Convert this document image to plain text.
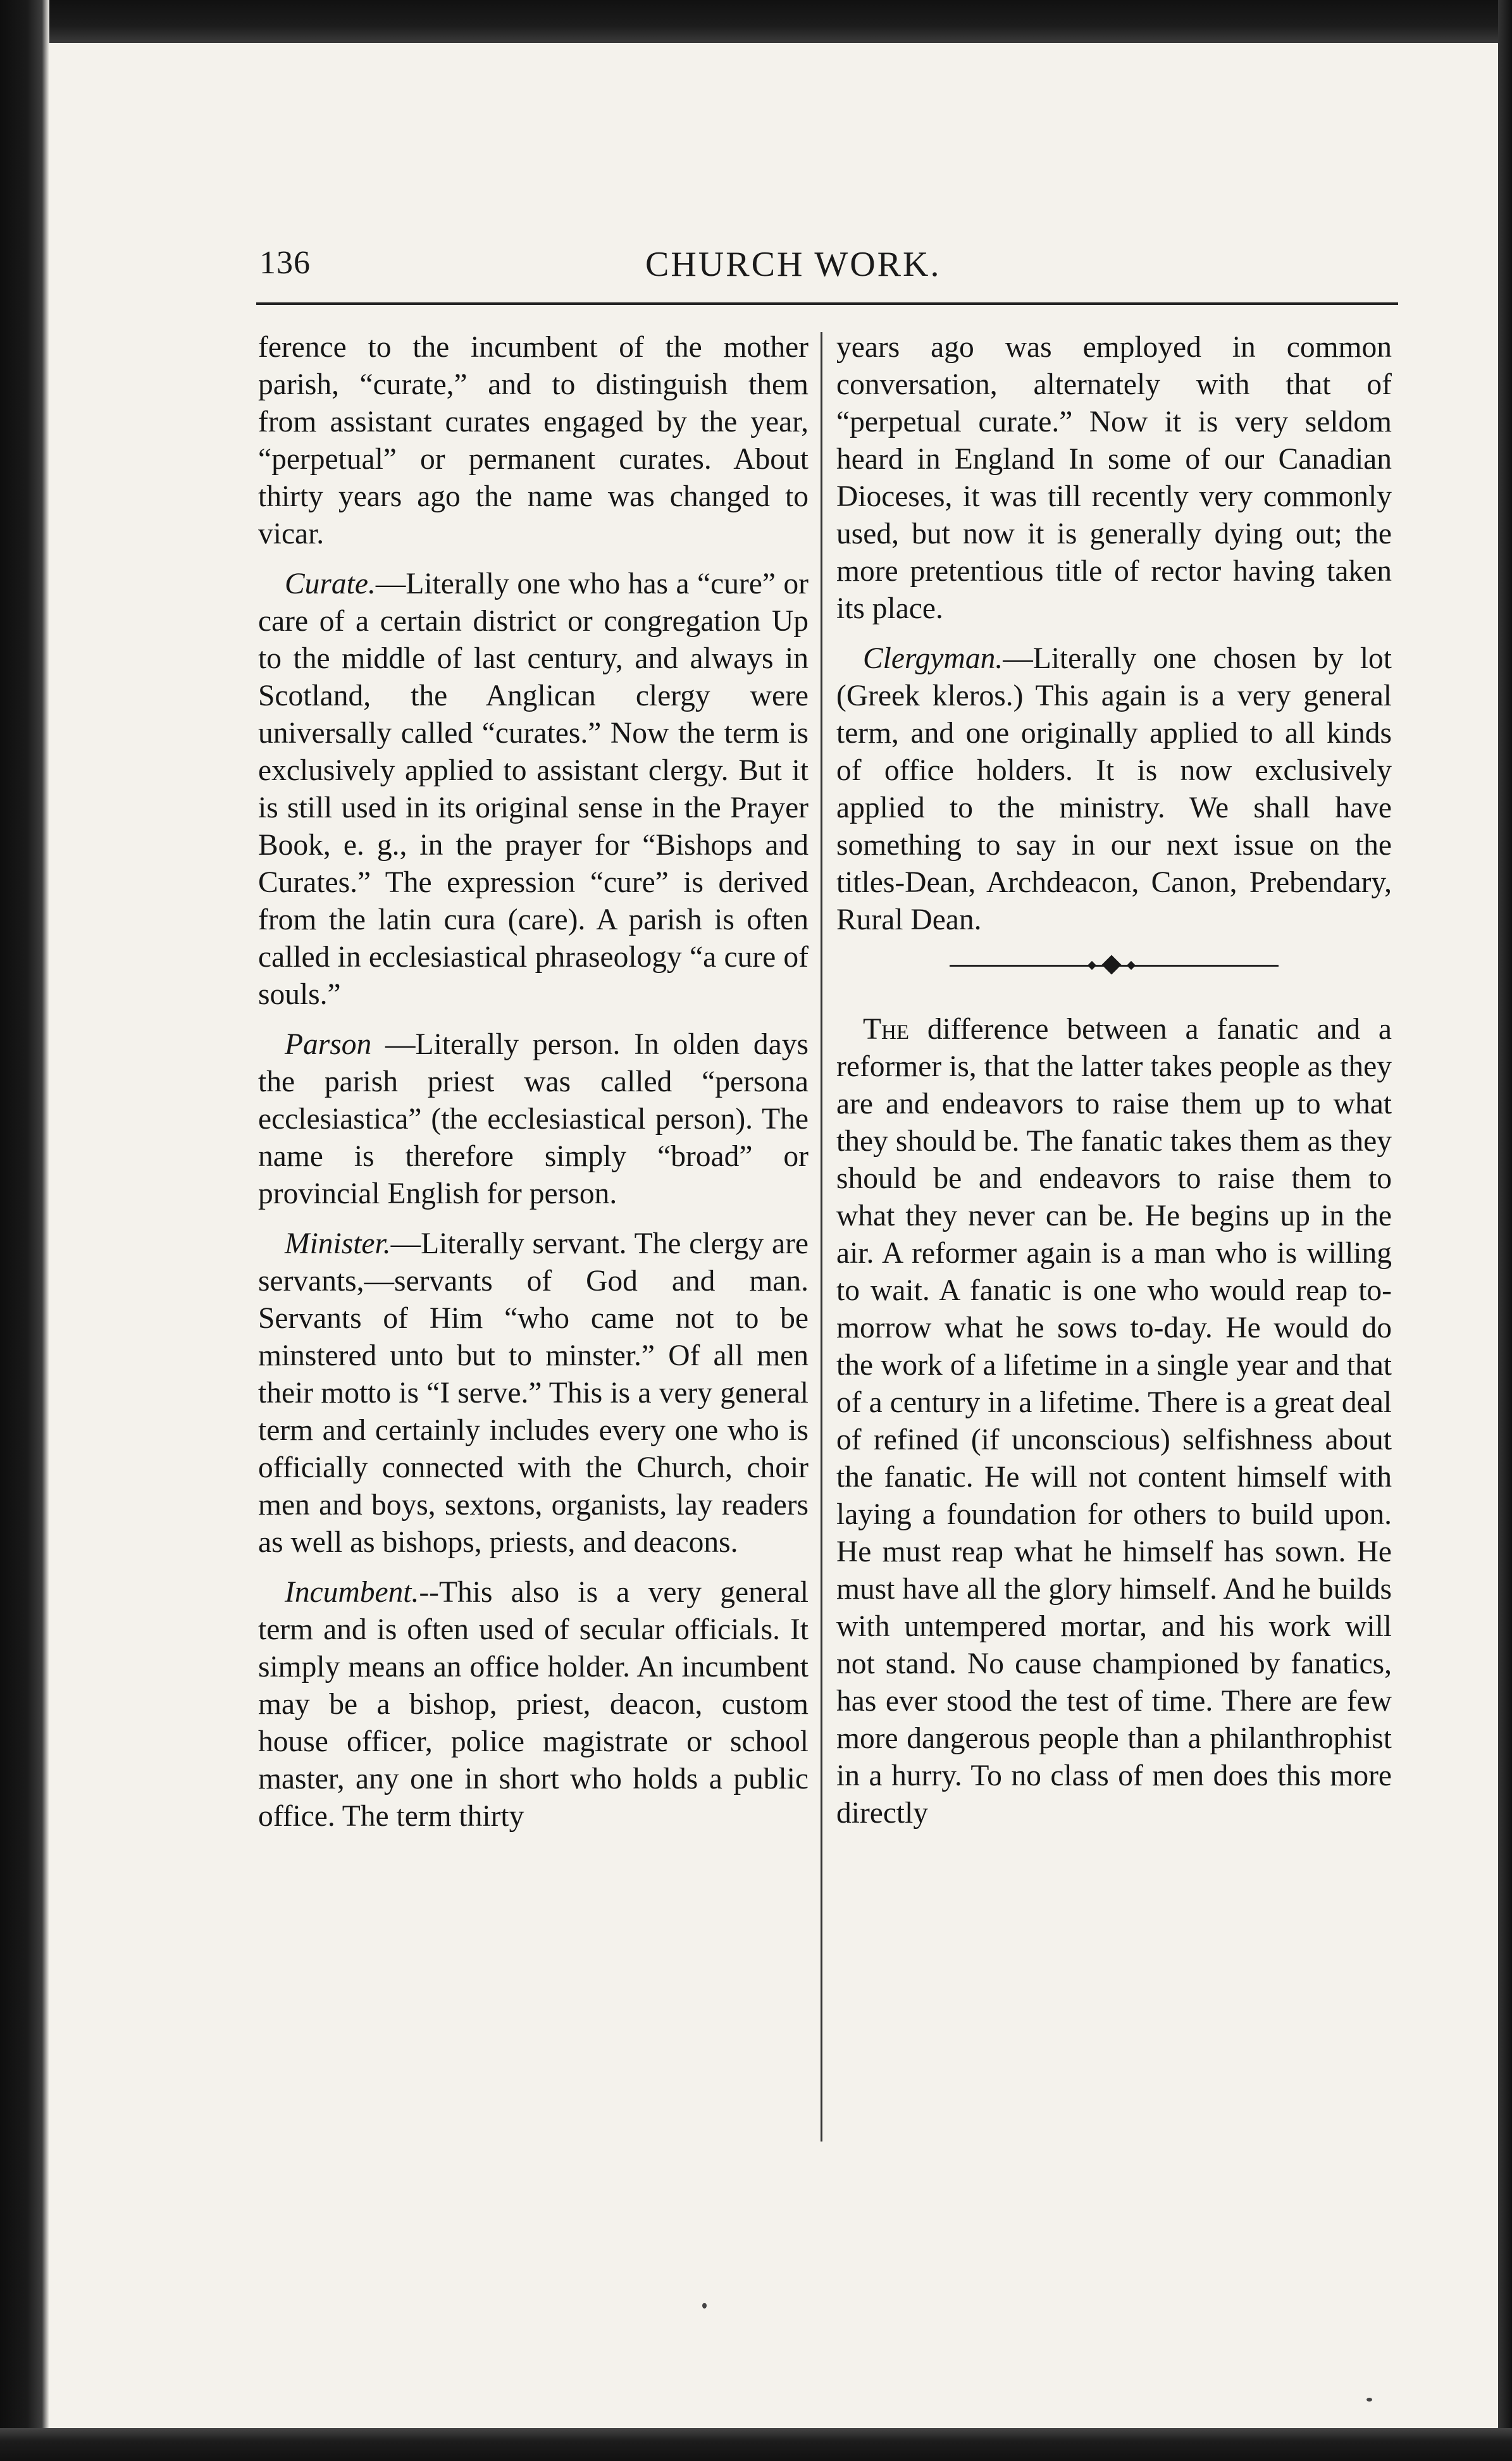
136	CHURCH WORK.

ference to the incumbent of the mother parish, “curate,” and to distinguish them from assistant curates engaged by the year, “perpetual” or permanent curates. About thirty years ago the name was changed to vicar.

Curate.—Literally one who has a “cure” or care of a certain district or congregation Up to the middle of last century, and always in Scotland, the Anglican clergy were universally called “curates.” Now the term is exclusively applied to assistant clergy. But it is still used in its original sense in the Prayer Book, e. g., in the prayer for “Bishops and Curates.” The expression “cure” is derived from the latin cura (care). A parish is often called in ecclesiastical phraseology “a cure of souls.”

Parson —Literally person. In olden days the parish priest was called “persona ecclesiastica” (the ecclesiastical person). The name is therefore simply “broad” or provincial English for person.

Minister.—Literally servant. The clergy are servants,—servants of God and man. Servants of Him “who came not to be minstered unto but to minster.” Of all men their motto is “I serve.” This is a very general term and certainly includes every one who is officially connected with the Church, choir men and boys, sextons, organists, lay readers as well as bishops, priests, and deacons.

Incumbent.--This also is a very general term and is often used of secular officials. It simply means an office holder. An incumbent may be a bishop, priest, deacon, custom house officer, police magistrate or school master, any one in short who holds a public office. The term thirty

years ago was employed in common conversation, alternately with that of “perpetual curate.” Now it is very seldom heard in England In some of our Canadian Dioceses, it was till recently very commonly used, but now it is generally dying out; the more pretentious title of rector having taken its place.

Clergyman.—Literally one chosen by lot (Greek kleros.) This again is a very general term, and one originally applied to all kinds of office holders. It is now exclusively applied to the ministry. We shall have something to say in our next issue on the titles-Dean, Archdeacon, Canon, Prebendary, Rural Dean.

The difference between a fanatic and a reformer is, that the latter takes people as they are and endeavors to raise them up to what they should be. The fanatic takes them as they should be and endeavors to raise them to what they never can be. He begins up in the air. A reformer again is a man who is willing to wait. A fanatic is one who would reap to-morrow what he sows to-day. He would do the work of a lifetime in a single year and that of a century in a lifetime. There is a great deal of refined (if unconscious) selfishness about the fanatic. He will not content himself with laying a foundation for others to build upon. He must reap what he himself has sown. He must have all the glory himself. And he builds with untempered mortar, and his work will not stand. No cause championed by fanatics, has ever stood the test of time. There are few more dangerous people than a philanthrophist in a hurry. To no class of men does this more directly
